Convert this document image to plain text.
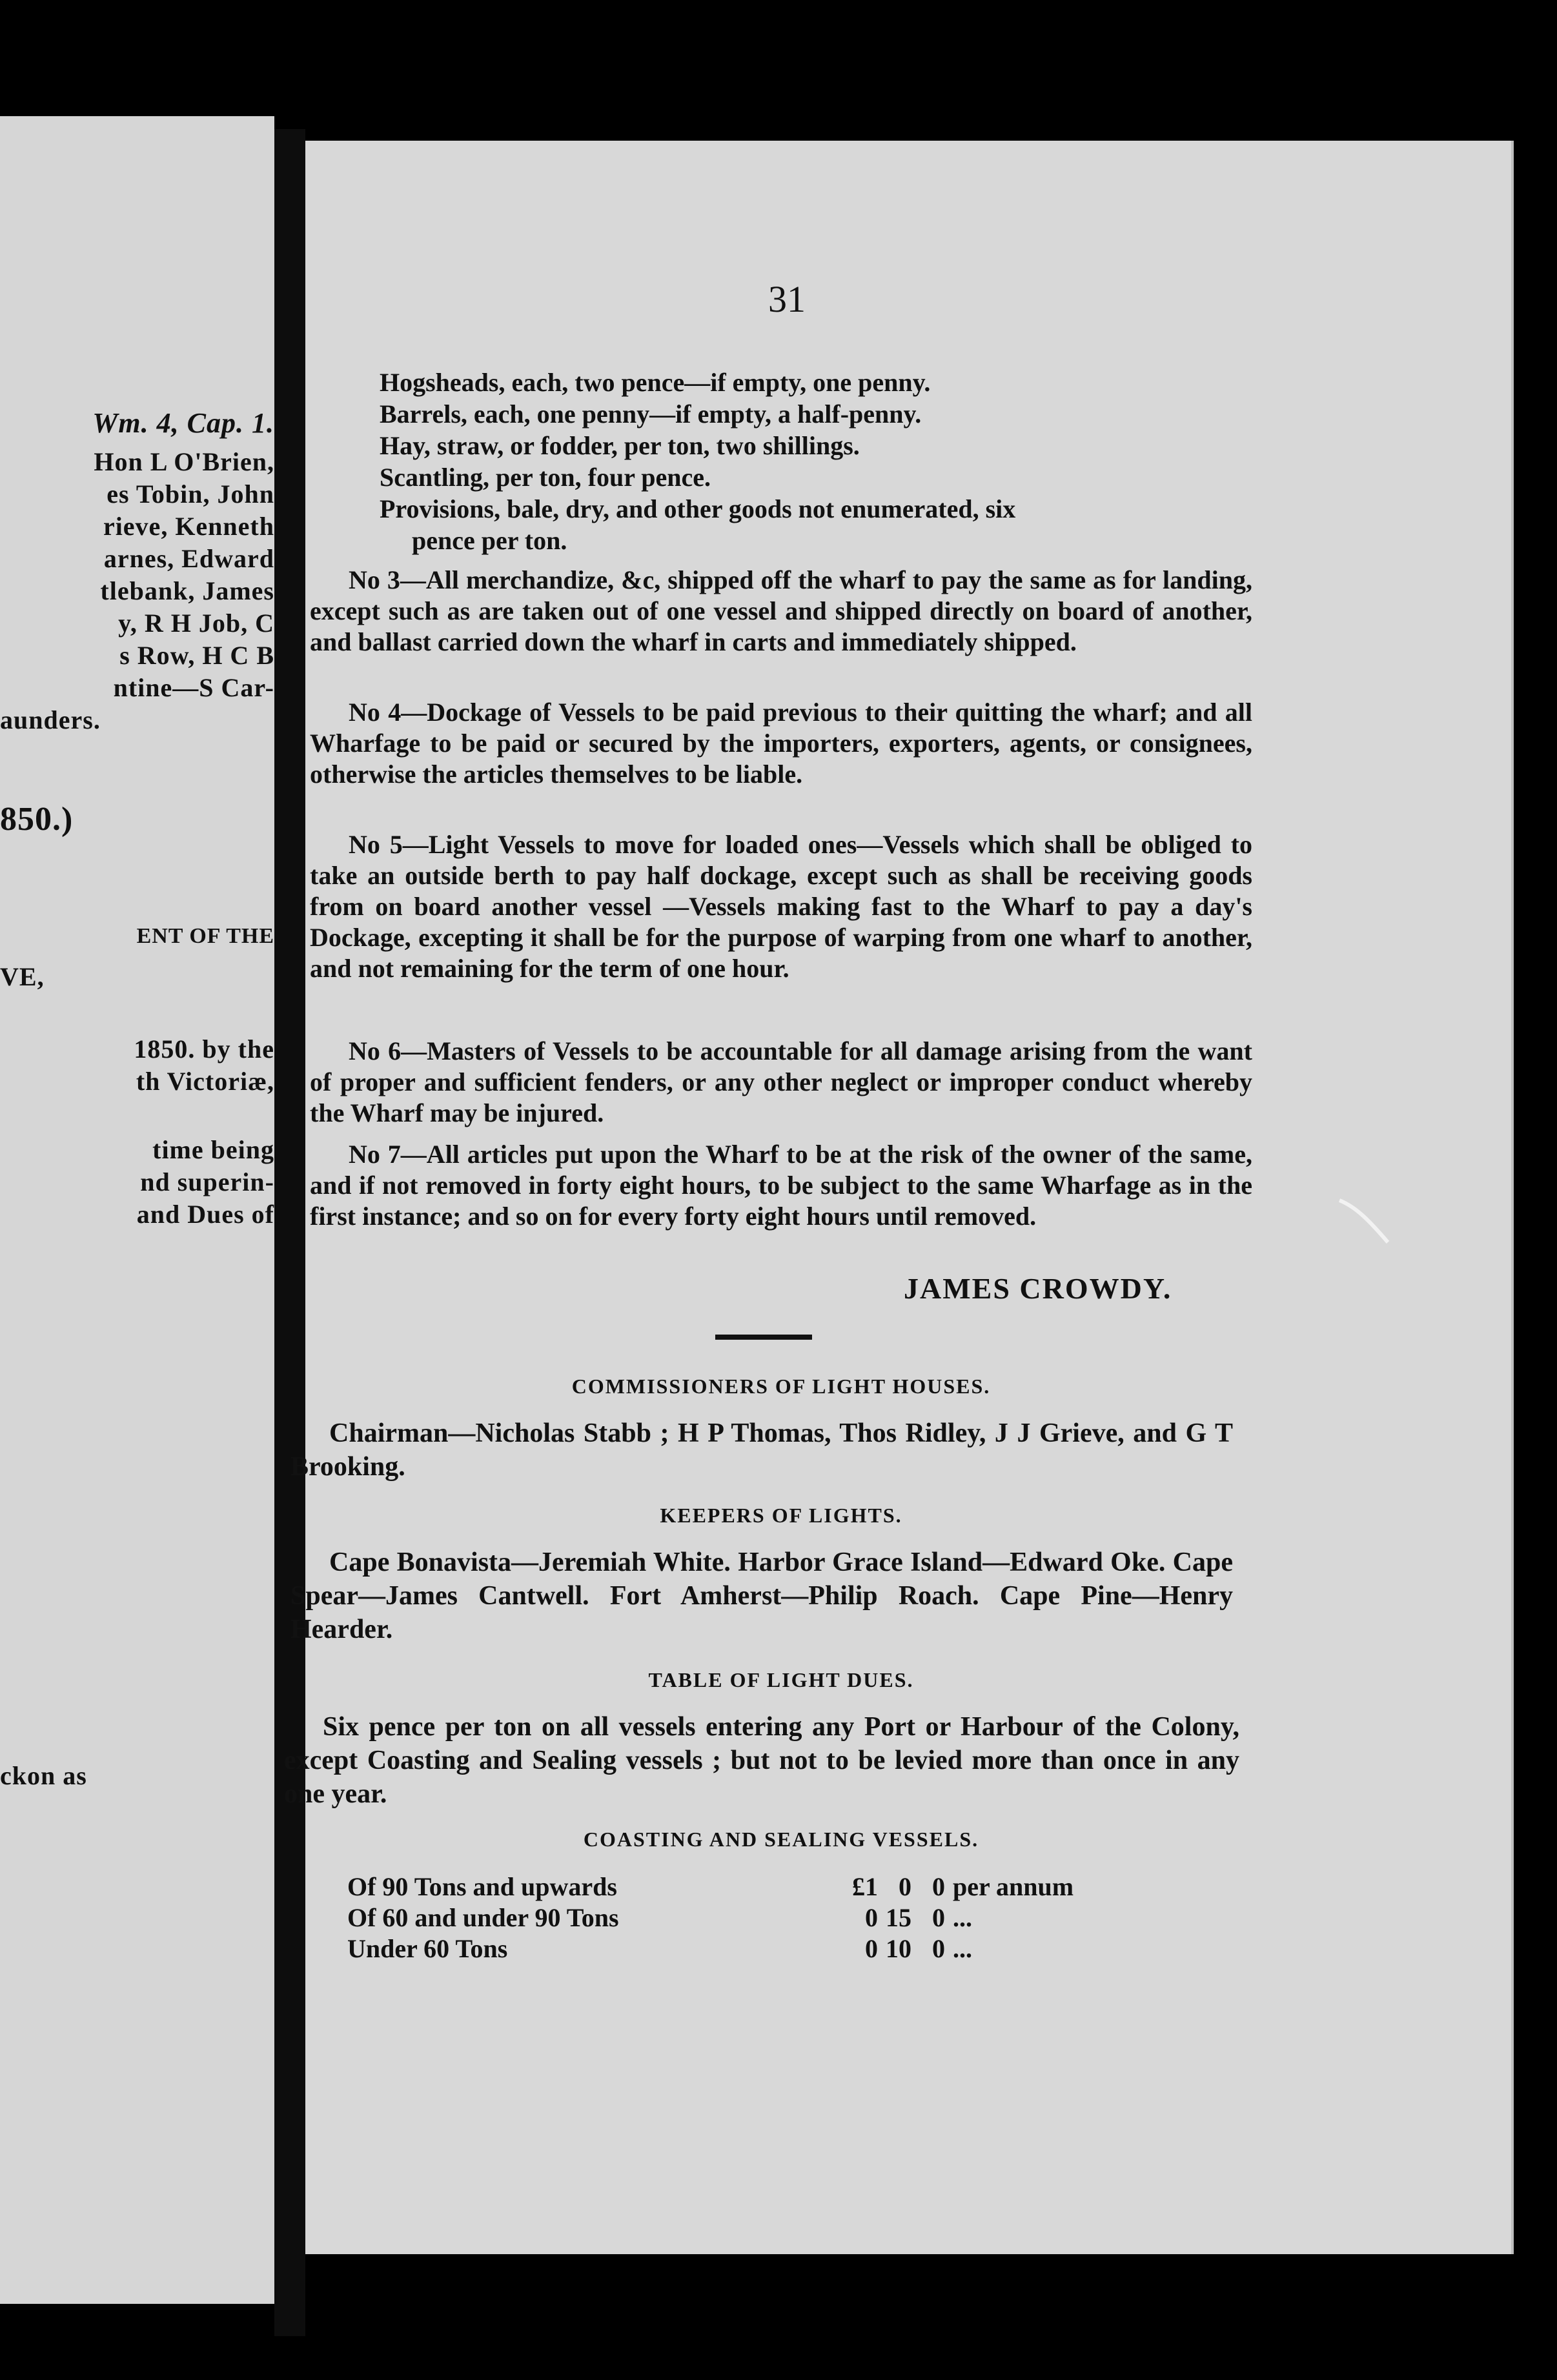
Wm. 4, Cap. 1.
Hon L O'Brien,
es Tobin, John
rieve, Kenneth
arnes, Edward
tlebank, James
y, R H Job, C
s Row, H C B
ntine—S Car-
aunders.
850.)
ENT OF THE
VE,
1850. by the
th Victoriæ,
time being
nd superin-
and Dues of
ckon as
31
Hogsheads, each, two pence—if empty, one penny.
Barrels, each, one penny—if empty, a half-penny.
Hay, straw, or fodder, per ton, two shillings.
Scantling, per ton, four pence.
Provisions, bale, dry, and other goods not enumerated, six
pence per ton.
No 3—All merchandize, &c, shipped off the wharf to pay the same as for landing, except such as are taken out of one vessel and shipped directly on board of another, and ballast carried down the wharf in carts and immediately shipped.
No 4—Dockage of Vessels to be paid previous to their quitting the wharf; and all Wharfage to be paid or secured by the importers, exporters, agents, or consignees, otherwise the articles themselves to be liable.
No 5—Light Vessels to move for loaded ones—Vessels which shall be obliged to take an outside berth to pay half dockage, except such as shall be receiving goods from on board another vessel —Vessels making fast to the Wharf to pay a day's Dockage, excepting it shall be for the purpose of warping from one wharf to another, and not remaining for the term of one hour.
No 6—Masters of Vessels to be accountable for all damage arising from the want of proper and sufficient fenders, or any other neglect or improper conduct whereby the Wharf may be injured.
No 7—All articles put upon the Wharf to be at the risk of the owner of the same, and if not removed in forty eight hours, to be subject to the same Wharfage as in the first instance; and so on for every forty eight hours until removed.
JAMES CROWDY.
COMMISSIONERS OF LIGHT HOUSES.
Chairman—Nicholas Stabb ; H P Thomas, Thos Ridley, J J Grieve, and G T Brooking.
KEEPERS OF LIGHTS.
Cape Bonavista—Jeremiah White. Harbor Grace Island—Edward Oke. Cape Spear—James Cantwell. Fort Amherst—Philip Roach. Cape Pine—Henry Hearder.
TABLE OF LIGHT DUES.
Six pence per ton on all vessels entering any Port or Harbour of the Colony, except Coasting and Sealing vessels ; but not to be levied more than once in any one year.
COASTING AND SEALING VESSELS.
Of 90 Tons and upwards	£1	0	0	per annum
Of 60 and under 90 Tons	0	15	0	...
Under 60 Tons	0	10	0	...
